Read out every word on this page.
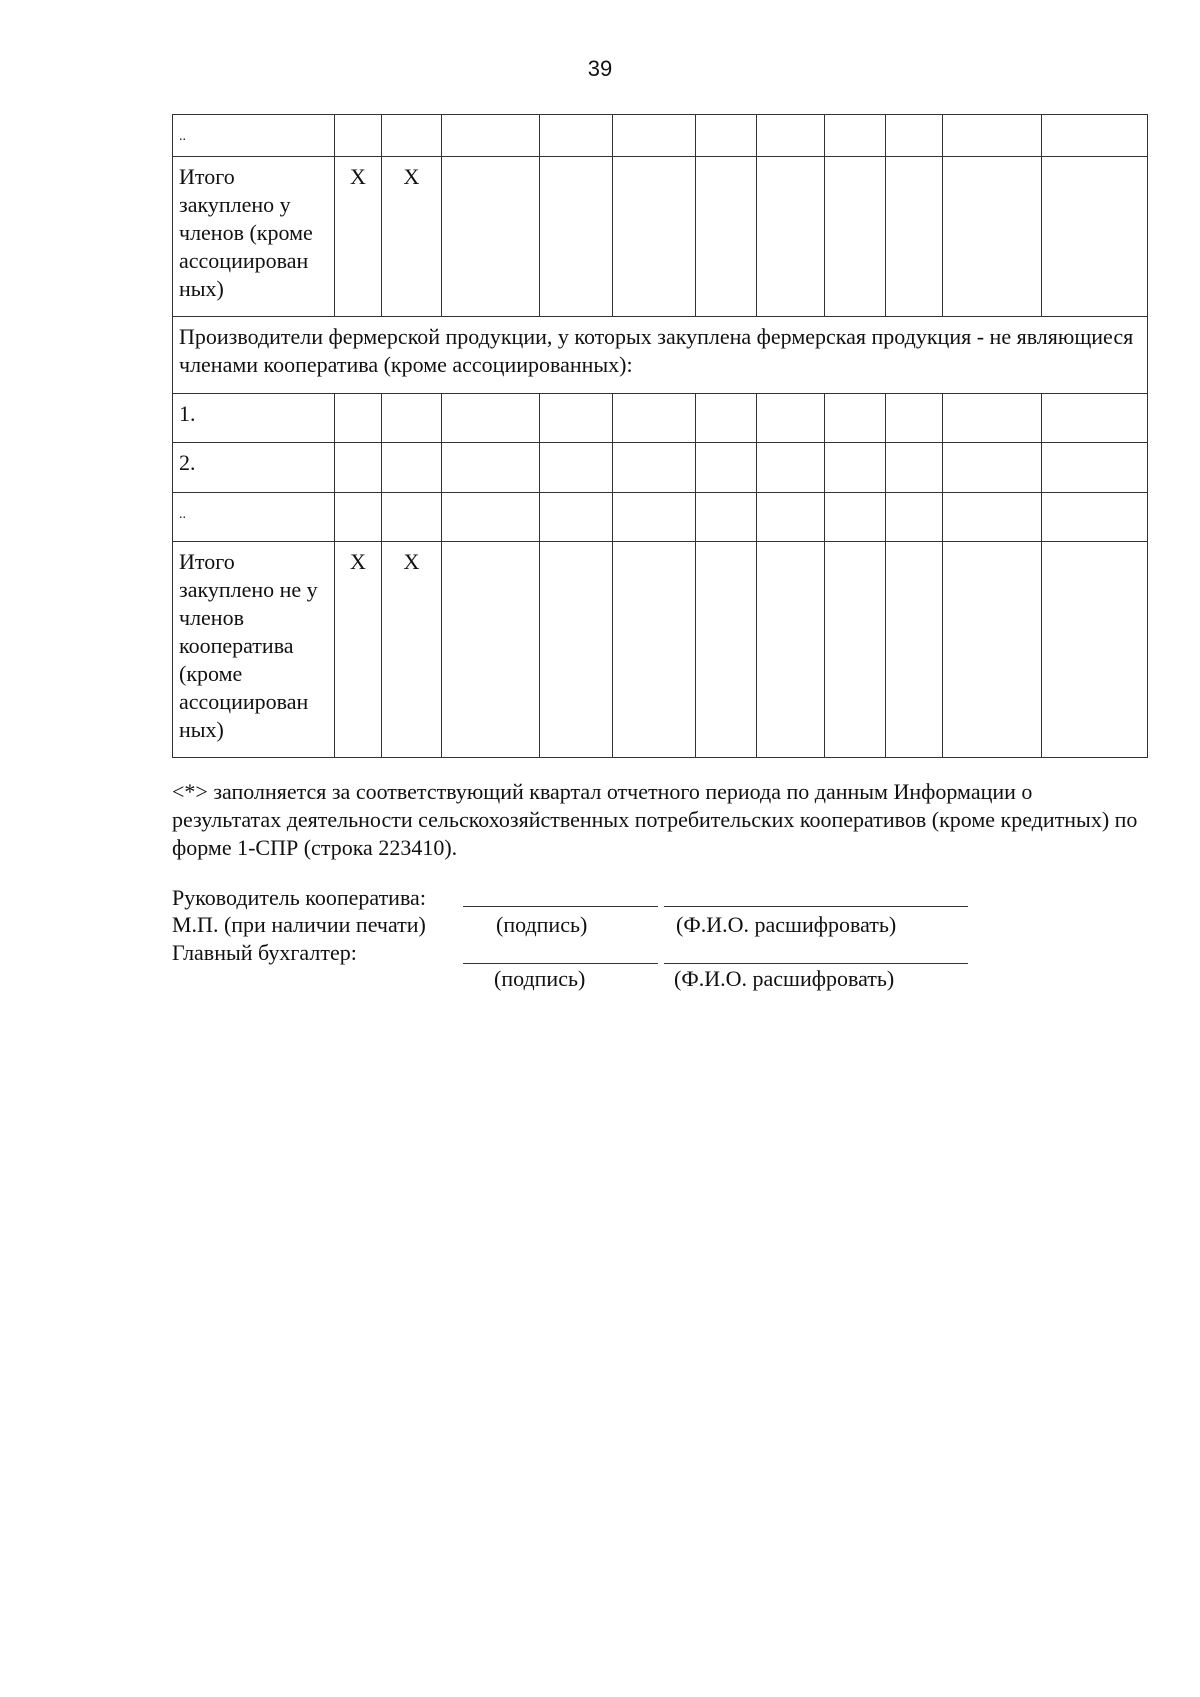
39
..											
Итого закуплено у членов (кроме ассоциирован ных)	X	X									
Производители фермерской продукции, у которых закуплена фермерская продукция - не являющиеся членами кооператива (кроме ассоциированных):											
1.											
2.											
..											
Итого закуплено не у членов кооператива (кроме ассоциирован ных)	X	X									
<*> заполняется за соответствующий квартал отчетного периода по данным Информации о результатах деятельности сельскохозяйственных потребительских кооперативов (кроме кредитных) по форме 1-СПР (строка 223410).
Руководитель кооператива:
М.П. (при наличии печати)	(подпись)	(Ф.И.О. расшифровать)
Главный бухгалтер:
(подпись)	(Ф.И.О. расшифровать)
